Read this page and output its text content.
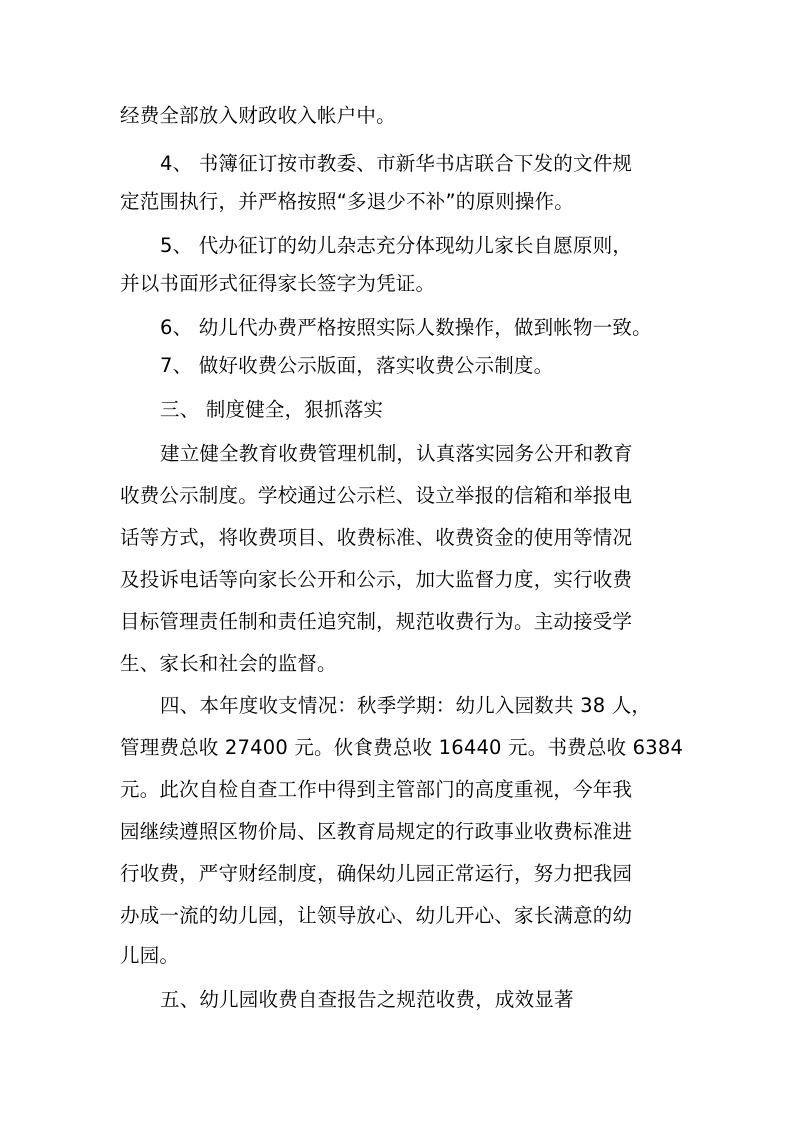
经费全部放入财政收入帐户中。
4、 书簿征订按市教委、市新华书店联合下发的文件规
定范围执行，并严格按照“多退少不补”的原则操作。
5、 代办征订的幼儿杂志充分体现幼儿家长自愿原则，
并以书面形式征得家长签字为凭证。
6、 幼儿代办费严格按照实际人数操作，做到帐物一致。
7、 做好收费公示版面，落实收费公示制度。
三、 制度健全，狠抓落实
建立健全教育收费管理机制，认真落实园务公开和教育
收费公示制度。学校通过公示栏、设立举报的信箱和举报电
话等方式，将收费项目、收费标准、收费资金的使用等情况
及投诉电话等向家长公开和公示，加大监督力度，实行收费
目标管理责任制和责任追究制，规范收费行为。主动接受学
生、家长和社会的监督。
四、本年度收支情况：秋季学期：幼儿入园数共 38 人，
管理费总收 27400 元。伙食费总收 16440 元。书费总收 6384
元。此次自检自查工作中得到主管部门的高度重视，今年我
园继续遵照区物价局、区教育局规定的行政事业收费标准进
行收费，严守财经制度，确保幼儿园正常运行，努力把我园
办成一流的幼儿园，让领导放心、幼儿开心、家长满意的幼
儿园。
五、幼儿园收费自查报告之规范收费，成效显著
